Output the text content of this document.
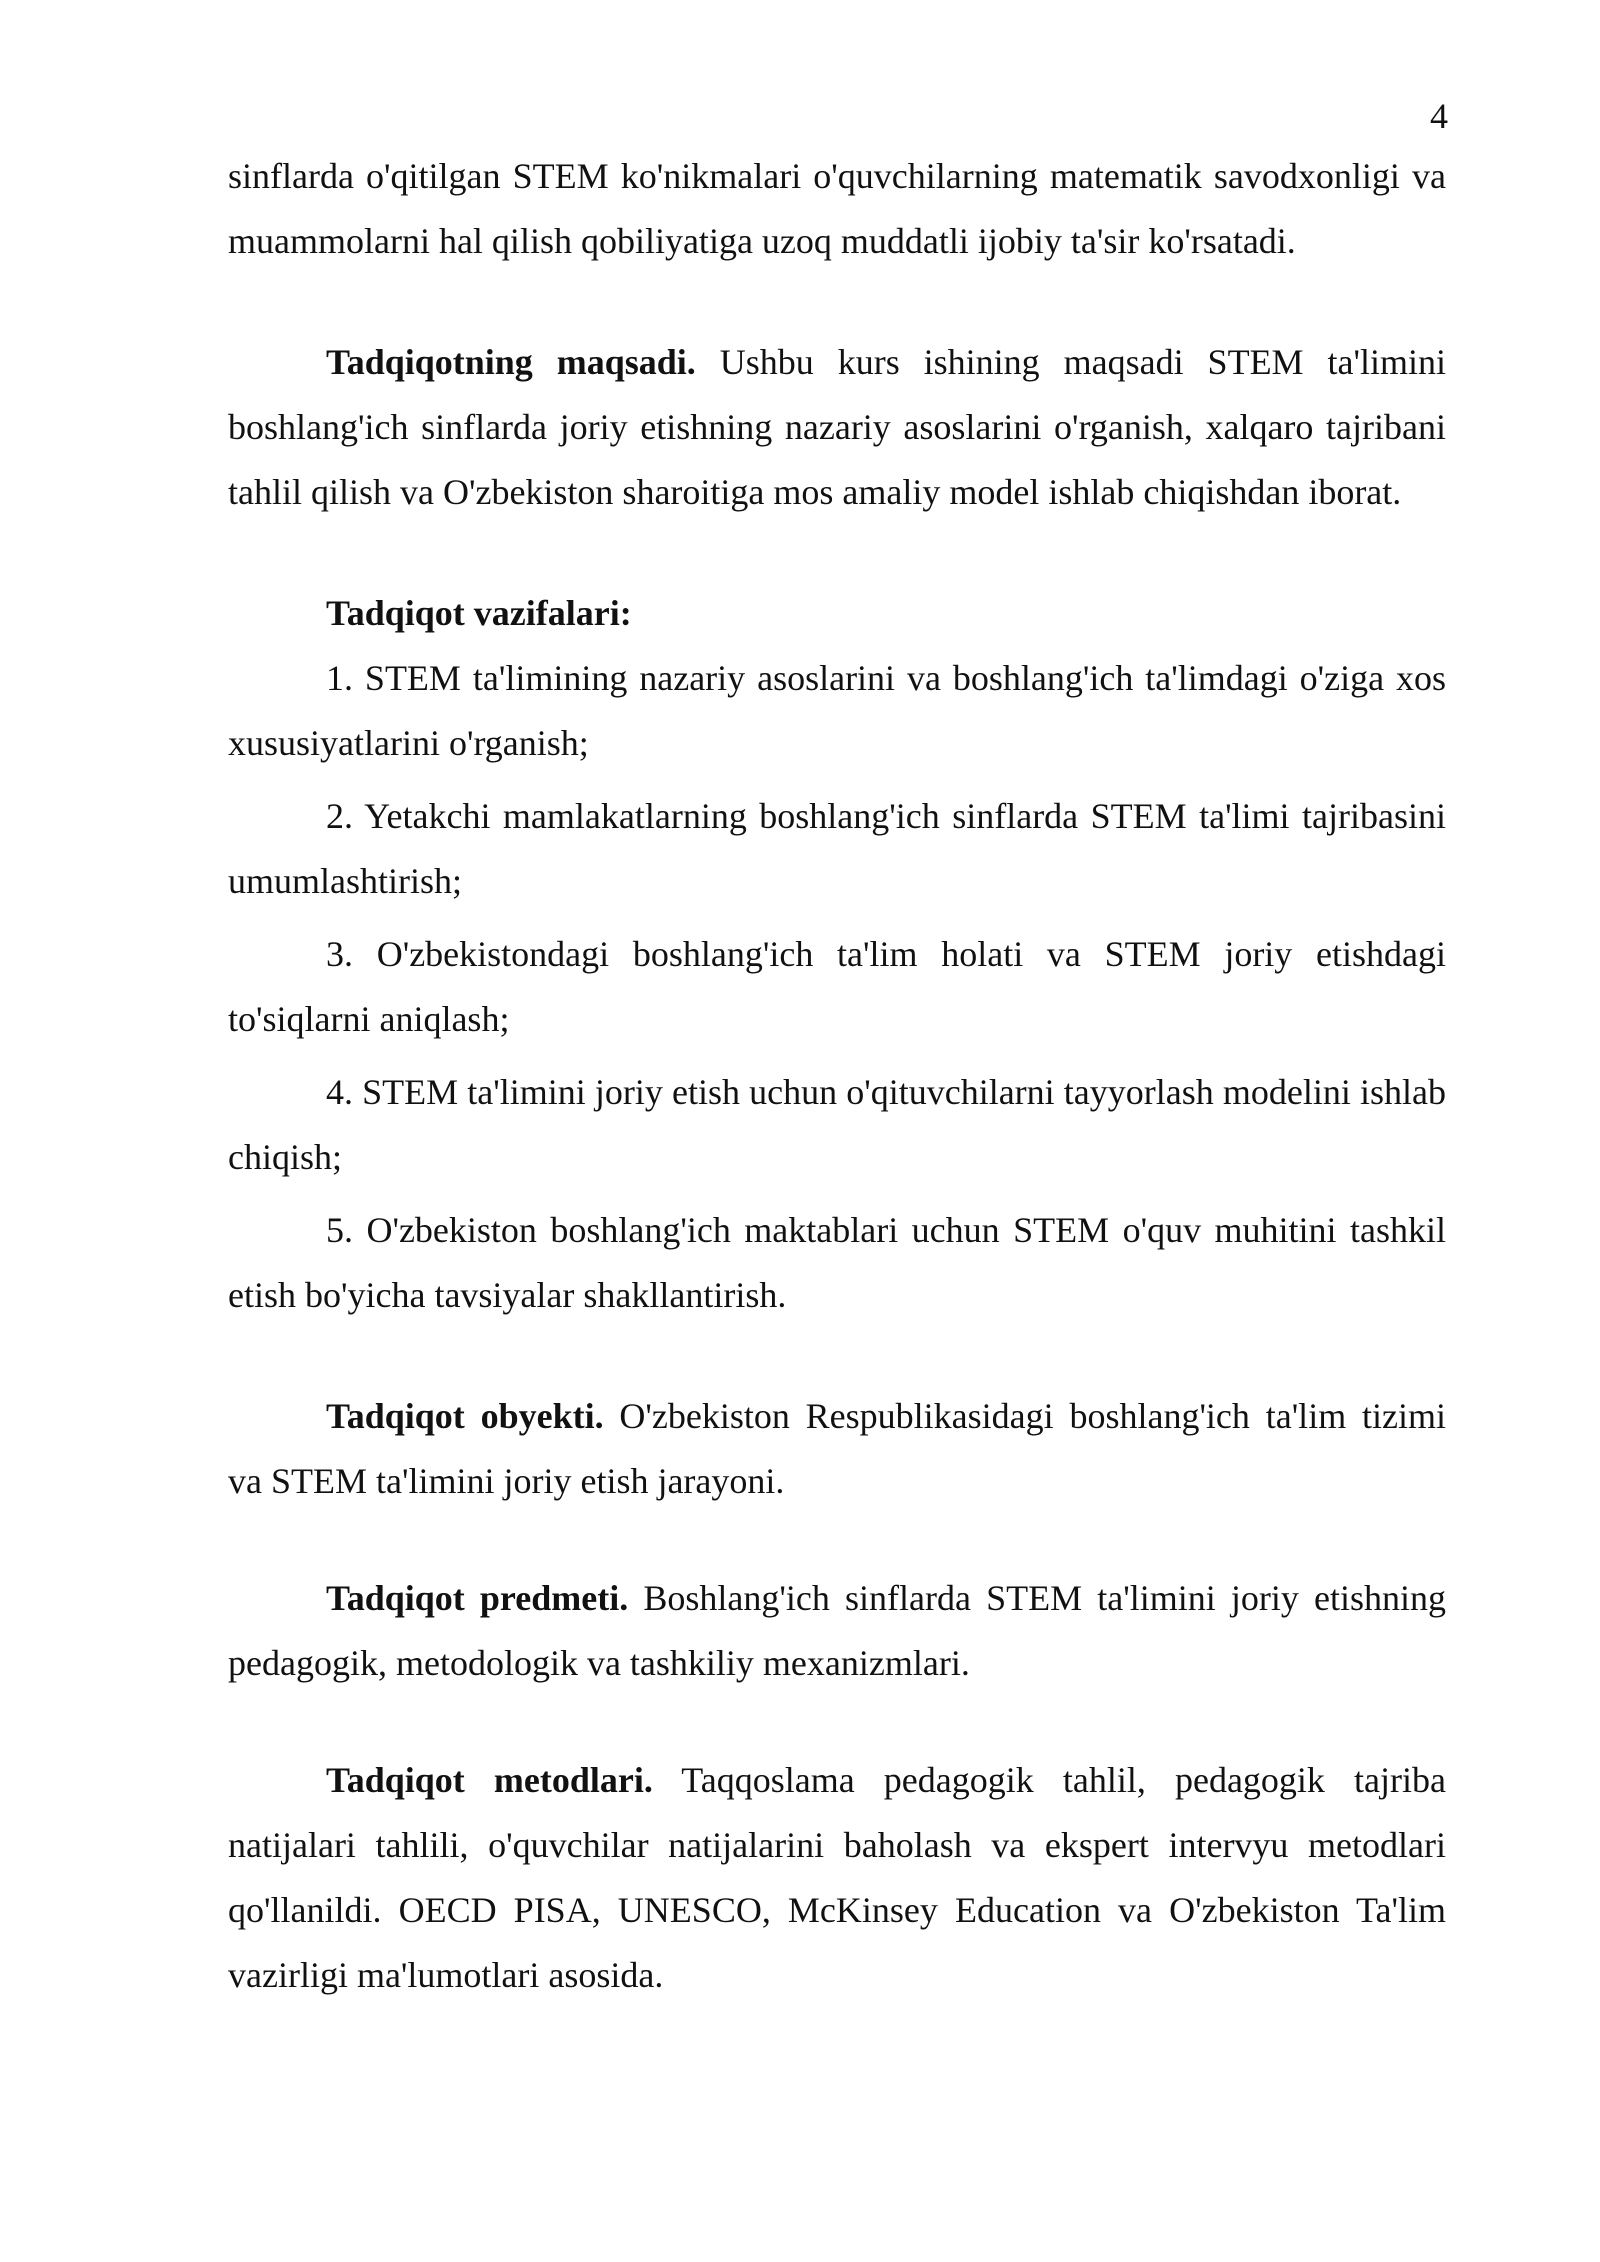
4

sinflarda o'qitilgan STEM ko'nikmalari o'quvchilarning matematik savodxonligi va muammolarni hal qilish qobiliyatiga uzoq muddatli ijobiy ta'sir ko'rsatadi.

Tadqiqotning maqsadi. Ushbu kurs ishining maqsadi STEM ta'limini boshlang'ich sinflarda joriy etishning nazariy asoslarini o'rganish, xalqaro tajribani tahlil qilish va O'zbekiston sharoitiga mos amaliy model ishlab chiqishdan iborat.

Tadqiqot vazifalari:

1. STEM ta'limining nazariy asoslarini va boshlang'ich ta'limdagi o'ziga xos xususiyatlarini o'rganish;

2. Yetakchi mamlakatlarning boshlang'ich sinflarda STEM ta'limi tajribasini umumlashtirish;

3. O'zbekistondagi boshlang'ich ta'lim holati va STEM joriy etishdagi to'siqlarni aniqlash;

4. STEM ta'limini joriy etish uchun o'qituvchilarni tayyorlash modelini ishlab chiqish;

5. O'zbekiston boshlang'ich maktablari uchun STEM o'quv muhitini tashkil etish bo'yicha tavsiyalar shakllantirish.

Tadqiqot obyekti. O'zbekiston Respublikasidagi boshlang'ich ta'lim tizimi va STEM ta'limini joriy etish jarayoni.

Tadqiqot predmeti. Boshlang'ich sinflarda STEM ta'limini joriy etishning pedagogik, metodologik va tashkiliy mexanizmlari.

Tadqiqot metodlari. Taqqoslama pedagogik tahlil, pedagogik tajriba natijalari tahlili, o'quvchilar natijalarini baholash va ekspert intervyu metodlari qo'llanildi. OECD PISA, UNESCO, McKinsey Education va O'zbekiston Ta'lim vazirligi ma'lumotlari asosida.
